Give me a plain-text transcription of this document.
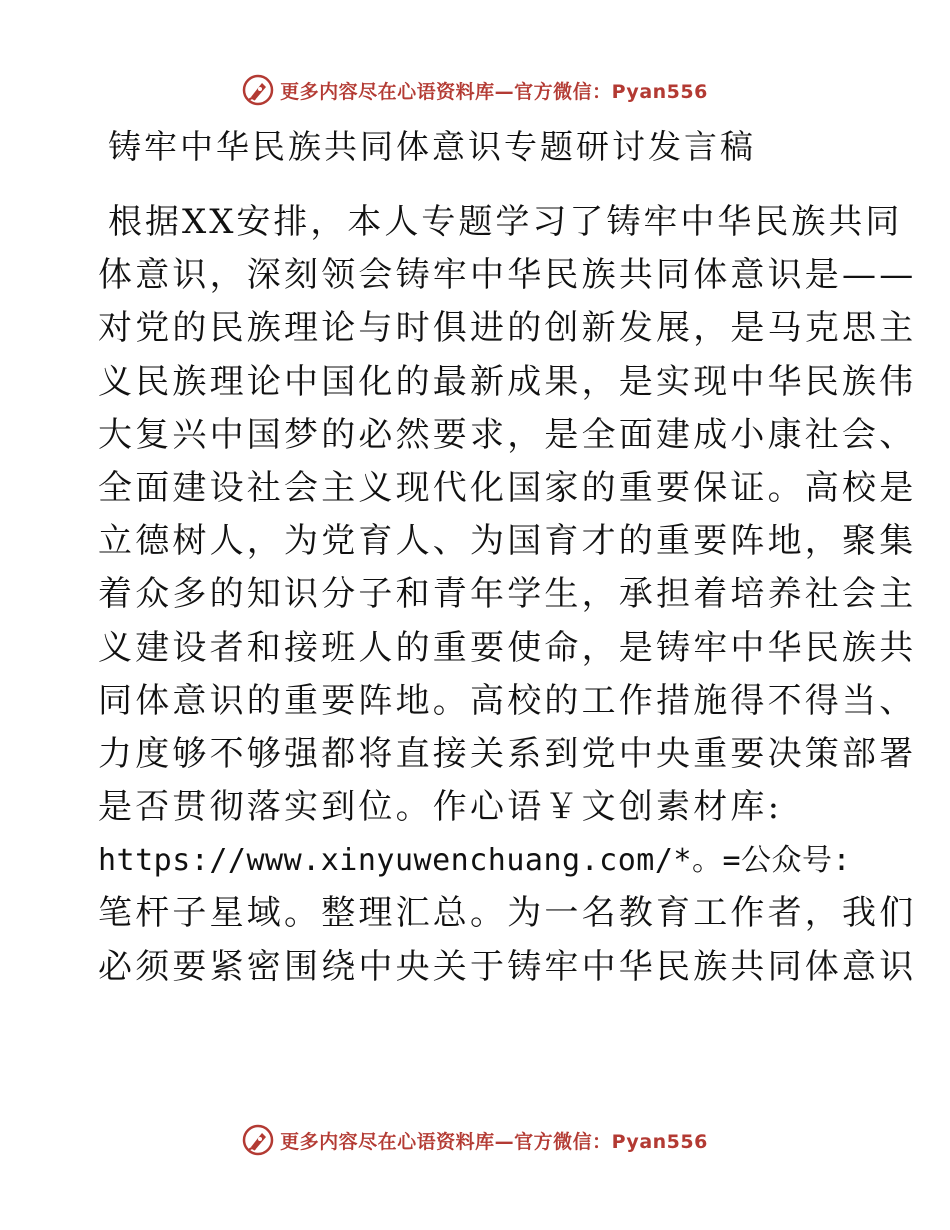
更多内容尽在心语资料库—官方微信：Pyan556
铸牢中华民族共同体意识专题研讨发言稿
根据XX安排，本人专题学习了铸牢中华民族共同
体意识，深刻领会铸牢中华民族共同体意识是——
对党的民族理论与时俱进的创新发展，是马克思主
义民族理论中国化的最新成果，是实现中华民族伟
大复兴中国梦的必然要求，是全面建成小康社会、
全面建设社会主义现代化国家的重要保证。高校是
立德树人，为党育人、为国育才的重要阵地，聚集
着众多的知识分子和青年学生，承担着培养社会主
义建设者和接班人的重要使命，是铸牢中华民族共
同体意识的重要阵地。高校的工作措施得不得当、
力度够不够强都将直接关系到党中央重要决策部署
是否贯彻落实到位。作心语￥文创素材库:
https://www.xinyuwenchuang.com/*。=公众号:
笔杆子星域。整理汇总。为一名教育工作者，我们
必须要紧密围绕中央关于铸牢中华民族共同体意识
更多内容尽在心语资料库—官方微信：Pyan556
